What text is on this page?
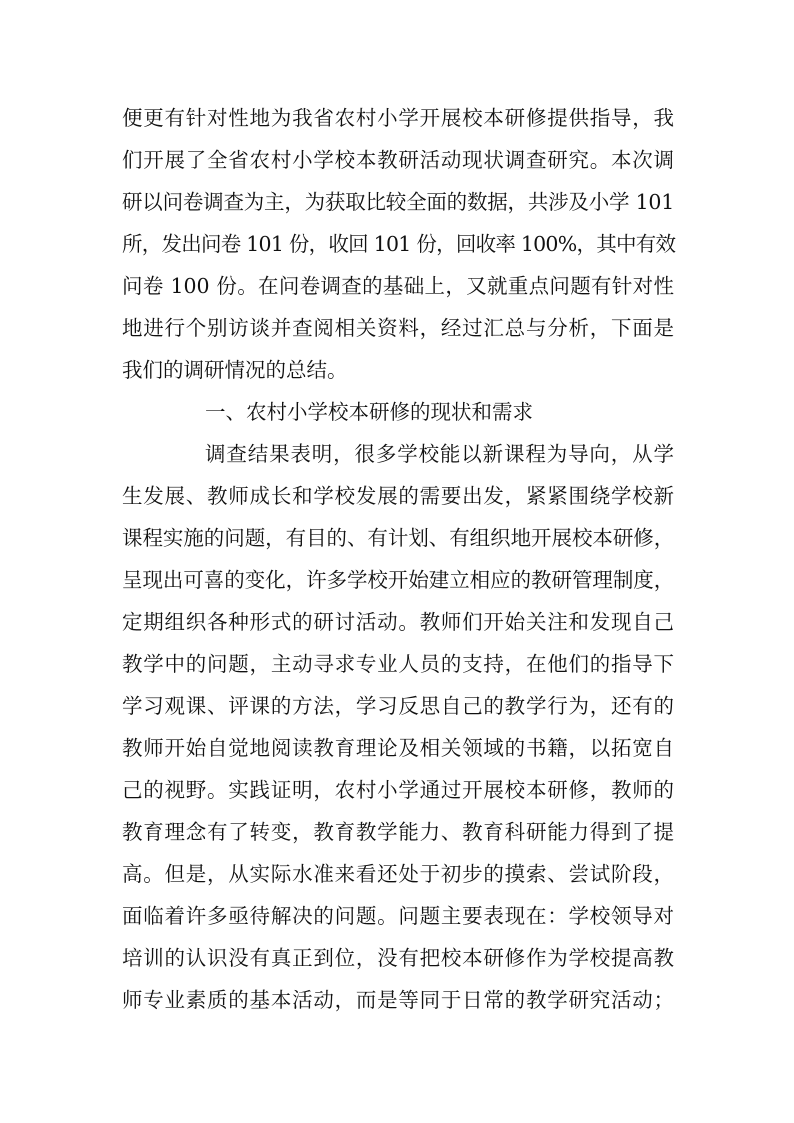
便更有针对性地为我省农村小学开展校本研修提供指导，我
们开展了全省农村小学校本教研活动现状调查研究。本次调
研以问卷调查为主，为获取比较全面的数据，共涉及小学 101
所，发出问卷 101 份，收回 101 份，回收率 100%，其中有效
问卷 100 份。在问卷调查的基础上，又就重点问题有针对性
地进行个别访谈并查阅相关资料，经过汇总与分析，下面是
我们的调研情况的总结。
一、农村小学校本研修的现状和需求
调查结果表明，很多学校能以新课程为导向，从学
生发展、教师成长和学校发展的需要出发，紧紧围绕学校新
课程实施的问题，有目的、有计划、有组织地开展校本研修，
呈现出可喜的变化，许多学校开始建立相应的教研管理制度，
定期组织各种形式的研讨活动。教师们开始关注和发现自己
教学中的问题，主动寻求专业人员的支持，在他们的指导下
学习观课、评课的方法，学习反思自己的教学行为，还有的
教师开始自觉地阅读教育理论及相关领域的书籍，以拓宽自
己的视野。实践证明，农村小学通过开展校本研修，教师的
教育理念有了转变，教育教学能力、教育科研能力得到了提
高。但是，从实际水准来看还处于初步的摸索、尝试阶段，
面临着许多亟待解决的问题。问题主要表现在：学校领导对
培训的认识没有真正到位，没有把校本研修作为学校提高教
师专业素质的基本活动，而是等同于日常的教学研究活动；
